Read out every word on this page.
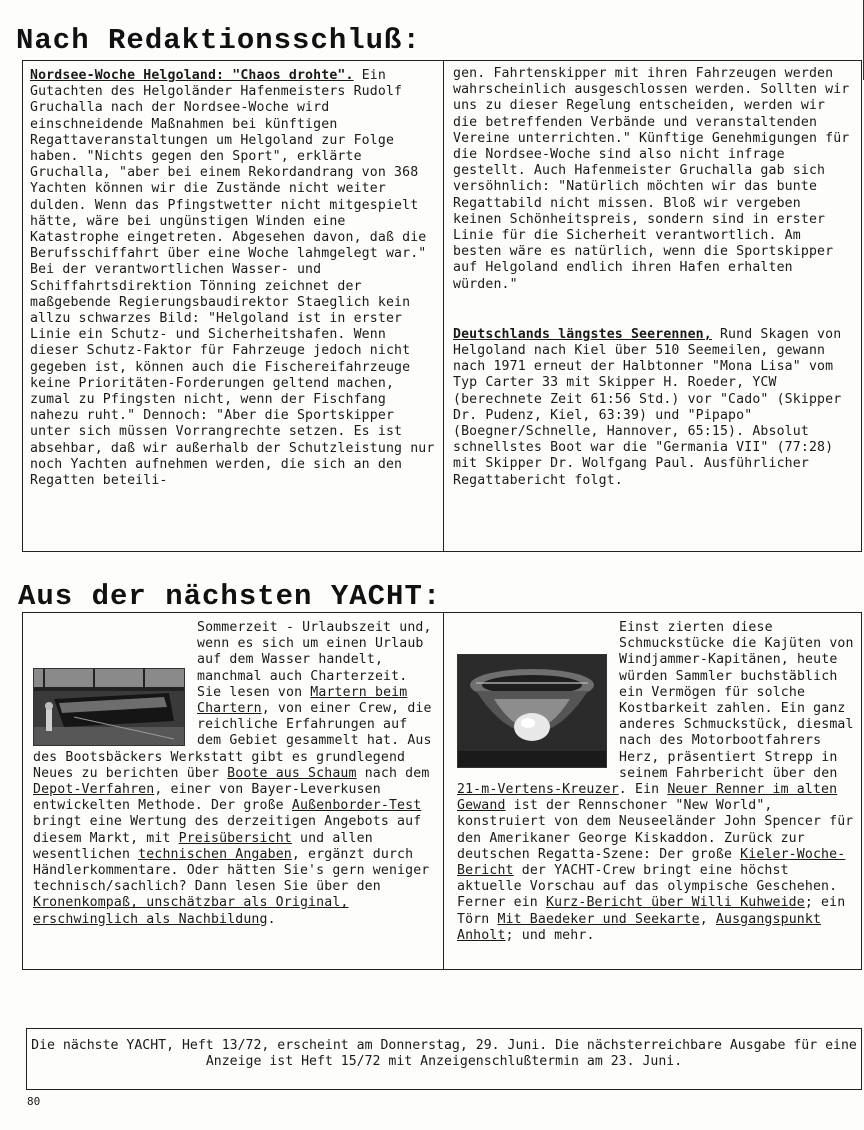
Nach Redaktionsschluß:

Nordsee-Woche Helgoland: "Chaos drohte". Ein Gutachten des Helgoländer Hafenmeisters Rudolf Gruchalla nach der Nordsee-Woche wird einschneidende Maßnahmen bei künftigen Regattaveranstaltungen um Helgoland zur Folge haben. "Nichts gegen den Sport", erklärte Gruchalla, "aber bei einem Rekordandrang von 368 Yachten können wir die Zustände nicht weiter dulden. Wenn das Pfingstwetter nicht mitgespielt hätte, wäre bei ungünstigen Winden eine Katastrophe eingetreten. Abgesehen davon, daß die Berufsschiffahrt über eine Woche lahmgelegt war." Bei der verantwortlichen Wasser- und Schiffahrtsdirektion Tönning zeichnet der maßgebende Regierungsbaudirektor Staeglich kein allzu schwarzes Bild: "Helgoland ist in erster Linie ein Schutz- und Sicherheitshafen. Wenn dieser Schutz-Faktor für Fahrzeuge jedoch nicht gegeben ist, können auch die Fischereifahrzeuge keine Prioritäten-Forderungen geltend machen, zumal zu Pfingsten nicht, wenn der Fischfang nahezu ruht." Dennoch: "Aber die Sportskipper unter sich müssen Vorrangrechte setzen. Es ist absehbar, daß wir außerhalb der Schutzleistung nur noch Yachten aufnehmen werden, die sich an den Regatten beteili-

gen. Fahrtenskipper mit ihren Fahrzeugen werden wahrscheinlich ausgeschlossen werden. Sollten wir uns zu dieser Regelung entscheiden, werden wir die betreffenden Verbände und veranstaltenden Vereine unterrichten." Künftige Genehmigungen für die Nordsee-Woche sind also nicht infrage gestellt. Auch Hafenmeister Gruchalla gab sich versöhnlich: "Natürlich möchten wir das bunte Regattabild nicht missen. Bloß wir vergeben keinen Schönheitspreis, sondern sind in erster Linie für die Sicherheit verantwortlich. Am besten wäre es natürlich, wenn die Sportskipper auf Helgoland endlich ihren Hafen erhalten würden."

Deutschlands längstes Seerennen, Rund Skagen von Helgoland nach Kiel über 510 Seemeilen, gewann nach 1971 erneut der Halbtonner "Mona Lisa" vom Typ Carter 33 mit Skipper H. Roeder, YCW (berechnete Zeit 61:56 Std.) vor "Cado" (Skipper Dr. Pudenz, Kiel, 63:39) und "Pipapo" (Boegner/Schnelle, Hannover, 65:15). Absolut schnellstes Boot war die "Germania VII" (77:28) mit Skipper Dr. Wolfgang Paul. Ausführlicher Regattabericht folgt.

Aus der nächsten YACHT:

Sommerzeit - Urlaubszeit und, wenn es sich um einen Urlaub auf dem Wasser handelt, manchmal auch Charterzeit. Sie lesen von Martern beim Chartern, von einer Crew, die reichliche Erfahrungen auf dem Gebiet gesammelt hat. Aus des Bootsbäckers Werkstatt gibt es grundlegend Neues zu berichten über Boote aus Schaum nach dem Depot-Verfahren, einer von Bayer-Leverkusen entwickelten Methode. Der große Außenborder-Test bringt eine Wertung des derzeitigen Angebots auf diesem Markt, mit Preisübersicht und allen wesentlichen technischen Angaben, ergänzt durch Händlerkommentare. Oder hätten Sie's gern weniger technisch/sachlich? Dann lesen Sie über den Kronenkompaß, unschätzbar als Original, erschwinglich als Nachbildung.

Einst zierten diese Schmuckstücke die Kajüten von Windjammer-Kapitänen, heute würden Sammler buchstäblich ein Vermögen für solche Kostbarkeit zahlen. Ein ganz anderes Schmuckstück, diesmal nach des Motorbootfahrers Herz, präsentiert Strepp in seinem Fahrbericht über den 21-m-Vertens-Kreuzer. Ein Neuer Renner im alten Gewand ist der Rennschoner "New World", konstruiert von dem Neuseeländer John Spencer für den Amerikaner George Kiskaddon. Zurück zur deutschen Regatta-Szene: Der große Kieler-Woche-Bericht der YACHT-Crew bringt eine höchst aktuelle Vorschau auf das olympische Geschehen. Ferner ein Kurz-Bericht über Willi Kuhweide; ein Törn Mit Baedeker und Seekarte, Ausgangspunkt Anholt; und mehr.

Die nächste YACHT, Heft 13/72, erscheint am Donnerstag, 29. Juni. Die nächsterreichbare Ausgabe für eine Anzeige ist Heft 15/72 mit Anzeigenschlußtermin am 23. Juni.
80
